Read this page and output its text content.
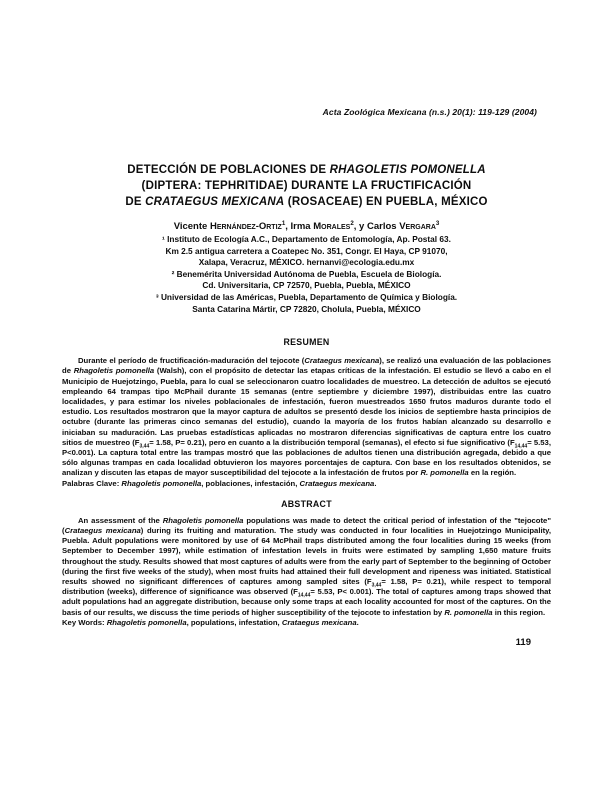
Acta Zoológica Mexicana (n.s.) 20(1): 119-129 (2004)
DETECCIÓN DE POBLACIONES DE RHAGOLETIS POMONELLA
(DIPTERA: TEPHRITIDAE) DURANTE LA FRUCTIFICACIÓN
DE CRATAEGUS MEXICANA (ROSACEAE) EN PUEBLA, MÉXICO
Vicente Hernández-Ortiz$^1$, Irma Morales$^2$, y Carlos Vergara$^3$
¹ Instituto de Ecología A.C., Departamento de Entomología, Ap. Postal 63.
Km 2.5 antigua carretera a Coatepec No. 351, Congr. El Haya, CP 91070,
Xalapa, Veracruz, MÉXICO. hernanvi@ecologia.edu.mx
² Benemérita Universidad Autónoma de Puebla, Escuela de Biología.
Cd. Universitaria, CP 72570, Puebla, Puebla, MÉXICO
³ Universidad de las Américas, Puebla, Departamento de Química y Biología.
Santa Catarina Mártir, CP 72820, Cholula, Puebla, MÉXICO
RESUMEN

Durante el período de fructificación-maduración del tejocote (Crataegus mexicana), se realizó una evaluación de las poblaciones de Rhagoletis pomonella (Walsh), con el propósito de detectar las etapas críticas de la infestación. El estudio se llevó a cabo en el Municipio de Huejotzingo, Puebla, para lo cual se seleccionaron cuatro localidades de muestreo. La detección de adultos se ejecutó empleando 64 trampas tipo McPhail durante 15 semanas (entre septiembre y diciembre 1997), distribuidas entre las cuatro localidades, y para estimar los niveles poblacionales de infestación, fueron muestreados 1650 frutos maduros durante todo el estudio. Los resultados mostraron que la mayor captura de adultos se presentó desde los inicios de septiembre hasta principios de octubre (durante las primeras cinco semanas del estudio), cuando la mayoría de los frutos habían alcanzado su desarrollo e iniciaban su maduración. Las pruebas estadísticas aplicadas no mostraron diferencias significativas de captura entre los cuatro sitios de muestreo ($F_{3,44}= 1.58$, P= 0.21), pero en cuanto a la distribución temporal (semanas), el efecto si fue significativo ($F_{14,44}= 5.53$, P<0.001). La captura total entre las trampas mostró que las poblaciones de adultos tienen una distribución agregada, debido a que sólo algunas trampas en cada localidad obtuvieron los mayores porcentajes de captura. Con base en los resultados obtenidos, se analizan y discuten las etapas de mayor susceptibilidad del tejocote a la infestación de frutos por R. pomonella en la región.

Palabras Clave: Rhagoletis pomonella, poblaciones, infestación, Crataegus mexicana.
ABSTRACT

An assessment of the Rhagoletis pomonella populations was made to detect the critical period of infestation of the "tejocote" (Crataegus mexicana) during its fruiting and maturation. The study was conducted in four localities in Huejotzingo Municipality, Puebla. Adult populations were monitored by use of 64 McPhail traps distributed among the four localities during 15 weeks (from September to December 1997), while estimation of infestation levels in fruits were estimated by sampling 1,650 mature fruits throughout the study. Results showed that most captures of adults were from the early part of September to the beginning of October (during the first five weeks of the study), when most fruits had attained their full development and ripeness was initiated. Statistical results showed no significant differences of captures among sampled sites ($F_{3,44}= 1.58$, P= 0.21), while respect to temporal distribution (weeks), difference of significance was observed ($F_{14,44}= 5.53$, P< 0.001). The total of captures among traps showed that adult populations had an aggregate distribution, because only some traps at each locality accounted for most of the captures. On the basis of our results, we discuss the time periods of higher susceptibility of the tejocote to infestation by R. pomonella in this region.

Key Words: Rhagoletis pomonella, populations, infestation, Crataegus mexicana.
119
